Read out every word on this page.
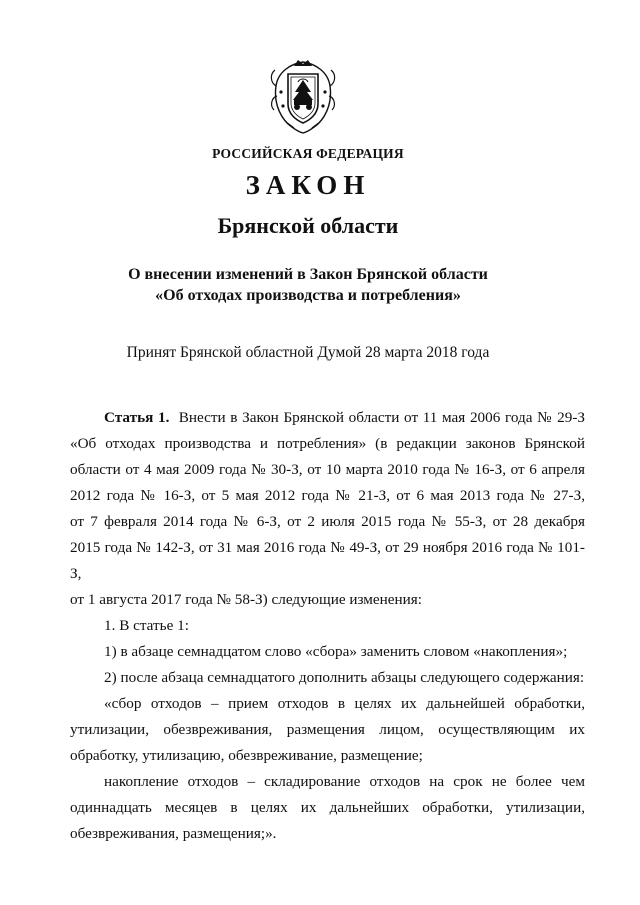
РОССИЙСКАЯ ФЕДЕРАЦИЯ
ЗАКОН
Брянской области
О внесении изменений в Закон Брянской области
«Об отходах производства и потребления»
Принят Брянской областной Думой 28 марта 2018 года
Статья 1. Внести в Закон Брянской области от 11 мая 2006 года № 29-З
«Об отходах производства и потребления» (в редакции законов Брянской
области от 4 мая 2009 года № 30-З, от 10 марта 2010 года № 16-З, от 6 апреля
2012 года № 16-З, от 5 мая 2012 года № 21-З, от 6 мая 2013 года № 27-З,
от 7 февраля 2014 года № 6-З, от 2 июля 2015 года № 55-З, от 28 декабря
2015 года № 142-З, от 31 мая 2016 года № 49-З, от 29 ноября 2016 года № 101-З,
от 1 августа 2017 года № 58-З) следующие изменения:
1. В статье 1:
1) в абзаце семнадцатом слово «сбора» заменить словом «накопления»;
2) после абзаца семнадцатого дополнить абзацы следующего содержания:
«сбор отходов – прием отходов в целях их дальнейшей обработки,
утилизации, обезвреживания, размещения лицом, осуществляющим их
обработку, утилизацию, обезвреживание, размещение;
накопление отходов – складирование отходов на срок не более чем
одиннадцать месяцев в целях их дальнейших обработки, утилизации,
обезвреживания, размещения;».
